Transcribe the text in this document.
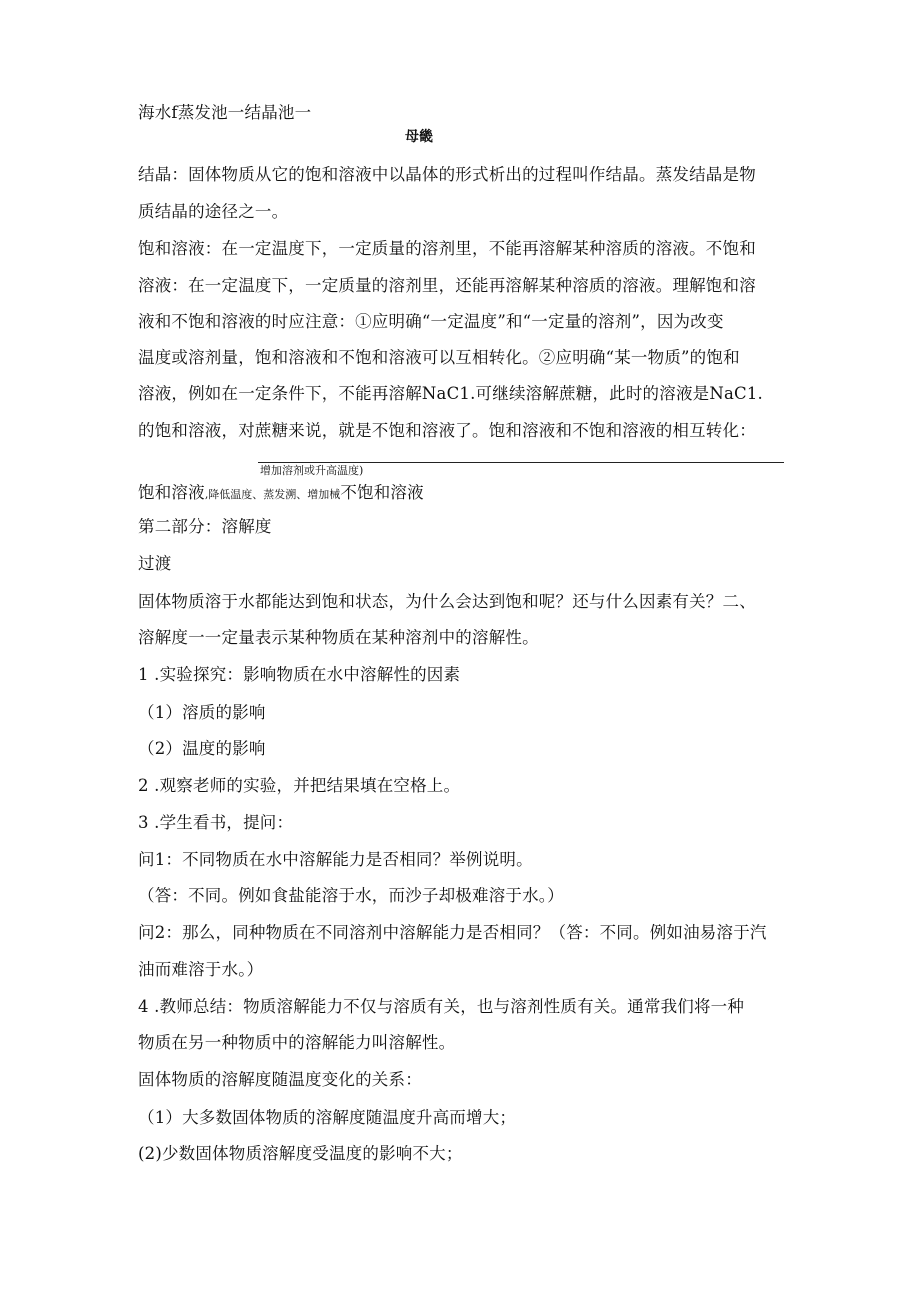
海水f蒸发池一结晶池一
母畿
结晶：固体物质从它的饱和溶液中以晶体的形式析出的过程叫作结晶。蒸发结晶是物
质结晶的途径之一。
饱和溶液：在一定温度下，一定质量的溶剂里，不能再溶解某种溶质的溶液。不饱和
溶液：在一定温度下，一定质量的溶剂里，还能再溶解某种溶质的溶液。理解饱和溶
液和不饱和溶液的时应注意：①应明确“一定温度”和“一定量的溶剂”，因为改变
温度或溶剂量，饱和溶液和不饱和溶液可以互相转化。②应明确“某一物质”的饱和
溶液，例如在一定条件下，不能再溶解NaC1.可继续溶解蔗糖，此时的溶液是NaC1.
的饱和溶液，对蔗糖来说，就是不饱和溶液了。饱和溶液和不饱和溶液的相互转化：
增加溶剂或升高温度)
饱和溶液,降低温度、蒸发溯、增加械不饱和溶液
第二部分：溶解度
过渡
固体物质溶于水都能达到饱和状态，为什么会达到饱和呢？还与什么因素有关？二、
溶解度一一定量表示某种物质在某种溶剂中的溶解性。
1 .实验探究：影响物质在水中溶解性的因素
（1）溶质的影响
（2）温度的影响
2 .观察老师的实验，并把结果填在空格上。
3 .学生看书，提问：
问1：不同物质在水中溶解能力是否相同？举例说明。
（答：不同。例如食盐能溶于水，而沙子却极难溶于水。）
问2：那么，同种物质在不同溶剂中溶解能力是否相同？（答：不同。例如油易溶于汽
油而难溶于水。）
4 .教师总结：物质溶解能力不仅与溶质有关，也与溶剂性质有关。通常我们将一种
物质在另一种物质中的溶解能力叫溶解性。
固体物质的溶解度随温度变化的关系：
（1）大多数固体物质的溶解度随温度升高而增大；
(2)少数固体物质溶解度受温度的影响不大；
